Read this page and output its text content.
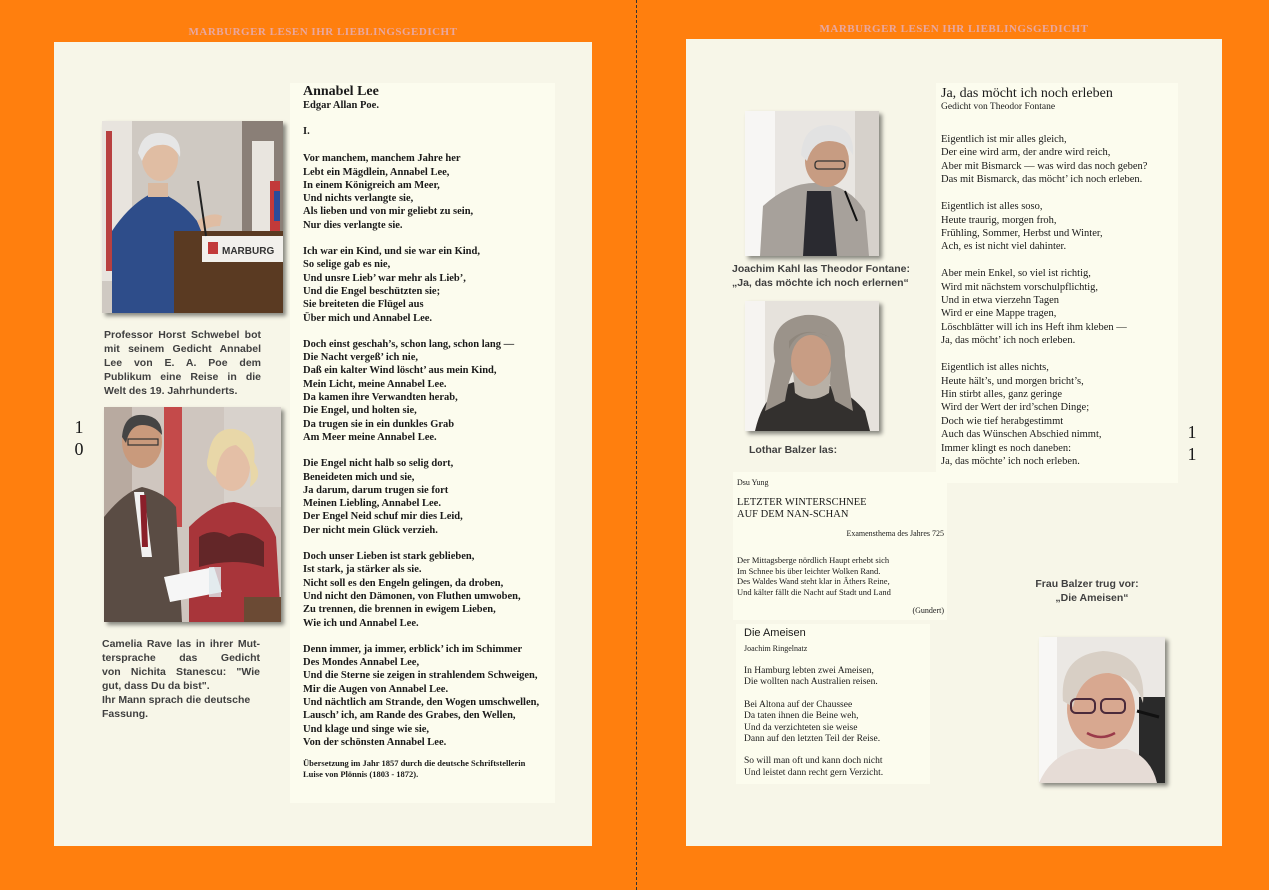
MARBURGER LESEN IHR LIEBLINGSGEDICHT	MARBURGER LESEN IHR LIEBLINGSGEDICHT
1
0
MARBURG
Professor Horst Schwebel bot mit seinem Gedicht Annabel Lee von E. A. Poe dem Publikum eine Reise in die Welt des 19. Jahrhunderts.
Camelia Rave las in ihrer Mut-
tersprache das Gedicht
von Nichita Stanescu: "Wie
gut, dass Du da bist".
Ihr Mann sprach die deutsche
Fassung.
Annabel Lee
Edgar Allan Poe.
I.
Vor manchem, manchem Jahre her
Lebt ein Mägdlein, Annabel Lee,
In einem Königreich am Meer,
Und nichts verlangte sie,
Als lieben und von mir geliebt zu sein,
Nur dies verlangte sie.
Ich war ein Kind, und sie war ein Kind,
So selige gab es nie,
Und unsre Lieb’ war mehr als Lieb’,
Und die Engel beschützten sie;
Sie breiteten die Flügel aus
Über mich und Annabel Lee.
Doch einst geschah’s, schon lang, schon lang —
Die Nacht vergeß’ ich nie,
Daß ein kalter Wind löscht’ aus mein Kind,
Mein Licht, meine Annabel Lee.
Da kamen ihre Verwandten herab,
Die Engel, und holten sie,
Da trugen sie in ein dunkles Grab
Am Meer meine Annabel Lee.
Die Engel nicht halb so selig dort,
Beneideten mich und sie,
Ja darum, darum trugen sie fort
Meinen Liebling, Annabel Lee.
Der Engel Neid schuf mir dies Leid,
Der nicht mein Glück verzieh.
Doch unser Lieben ist stark geblieben,
Ist stark, ja stärker als sie.
Nicht soll es den Engeln gelingen, da droben,
Und nicht den Dämonen, von Fluthen umwoben,
Zu trennen, die brennen in ewigem Lieben,
Wie ich und Annabel Lee.
Denn immer, ja immer, erblick’ ich im Schimmer
Des Mondes Annabel Lee,
Und die Sterne sie zeigen in strahlendem Schweigen,
Mir die Augen von Annabel Lee.
Und nächtlich am Strande, den Wogen umschwellen,
Lausch’ ich, am Rande des Grabes, den Wellen,
Und klage und singe wie sie,
Von der schönsten Annabel Lee.
Übersetzung im Jahr 1857 durch die deutsche Schriftstellerin
Luise von Plönnis (1803 - 1872).
1
1
Joachim Kahl las Theodor Fontane:
„Ja, das möchte ich noch erlernen“
Lothar Balzer las:
Ja, das möcht ich noch erleben
Gedicht von Theodor Fontane
Eigentlich ist mir alles gleich,
Der eine wird arm, der andre wird reich,
Aber mit Bismarck — was wird das noch geben?
Das mit Bismarck, das möcht’ ich noch erleben.
Eigentlich ist alles soso,
Heute traurig, morgen froh,
Frühling, Sommer, Herbst und Winter,
Ach, es ist nicht viel dahinter.
Aber mein Enkel, so viel ist richtig,
Wird mit nächstem vorschulpflichtig,
Und in etwa vierzehn Tagen
Wird er eine Mappe tragen,
Löschblätter will ich ins Heft ihm kleben —
Ja, das möcht’ ich noch erleben.
Eigentlich ist alles nichts,
Heute hält’s, und morgen bricht’s,
Hin stirbt alles, ganz geringe
Wird der Wert der ird’schen Dinge;
Doch wie tief herabgestimmt
Auch das Wünschen Abschied nimmt,
Immer klingt es noch daneben:
Ja, das möchte’ ich noch erleben.
Dsu Yung
LETZTER WINTERSCHNEE
AUF DEM NAN-SCHAN
Examensthema des Jahres 725
Der Mittagsberge nördlich Haupt erhebt sich
Im Schnee bis über leichter Wolken Rand.
Des Waldes Wand steht klar in Äthers Reine,
Und kälter fällt die Nacht auf Stadt und Land
(Gundert)
Die Ameisen
Joachim Ringelnatz
In Hamburg lebten zwei Ameisen,
Die wollten nach Australien reisen.
Bei Altona auf der Chaussee
Da taten ihnen die Beine weh,
Und da verzichteten sie weise
Dann auf den letzten Teil der Reise.
So will man oft und kann doch nicht
Und leistet dann recht gern Verzicht.
Frau Balzer trug vor:
„Die Ameisen“
